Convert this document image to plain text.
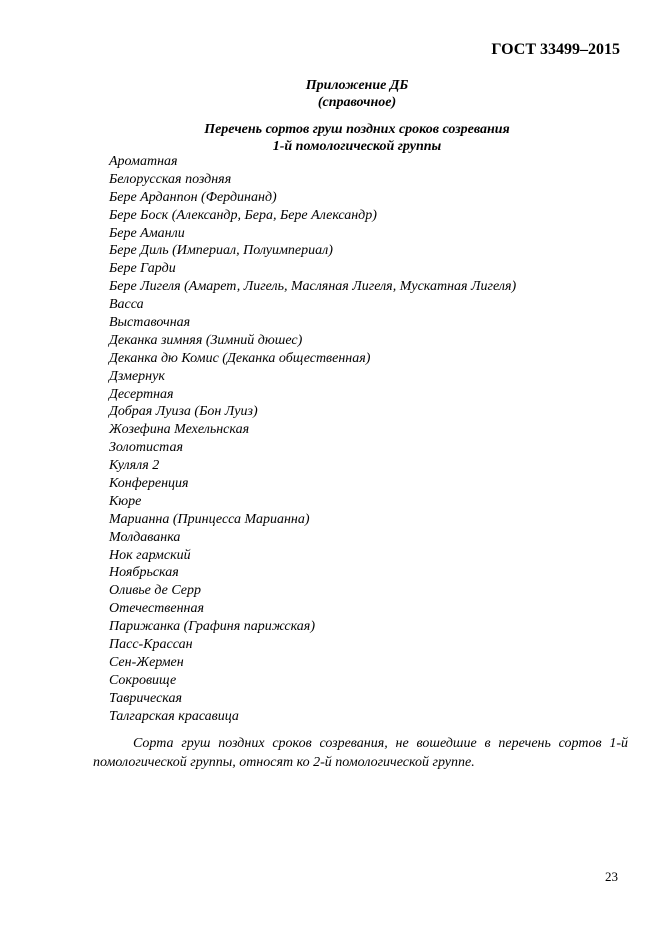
ГОСТ 33499–2015
Приложение ДБ
(справочное)
Перечень сортов груш поздних сроков созревания
1-й помологической группы
Ароматная
Белорусская поздняя
Бере Арданпон (Фердинанд)
Бере Боск (Александр, Бера, Бере Александр)
Бере Аманли
Бере Диль (Империал, Полуимпериал)
Бере Гарди
Бере Лигеля (Амарет, Лигель, Масляная Лигеля, Мускатная Лигеля)
Васса
Выставочная
Деканка зимняя (Зимний дюшес)
Деканка дю Комис (Деканка общественная)
Дзмернук
Десертная
Добрая Луиза (Бон Луиз)
Жозефина Мехельнская
Золотистая
Куляля 2
Конференция
Кюре
Марианна (Принцесса Марианна)
Молдаванка
Нок гармский
Ноябрьская
Оливье де Серр
Отечественная
Парижанка (Графиня парижская)
Пасс-Крассан
Сен-Жермен
Сокровище
Таврическая
Талгарская красавица
Сорта груш поздних сроков созревания, не вошедшие в перечень сортов 1-й помологической группы, относят ко 2-й помологической группе.
23
